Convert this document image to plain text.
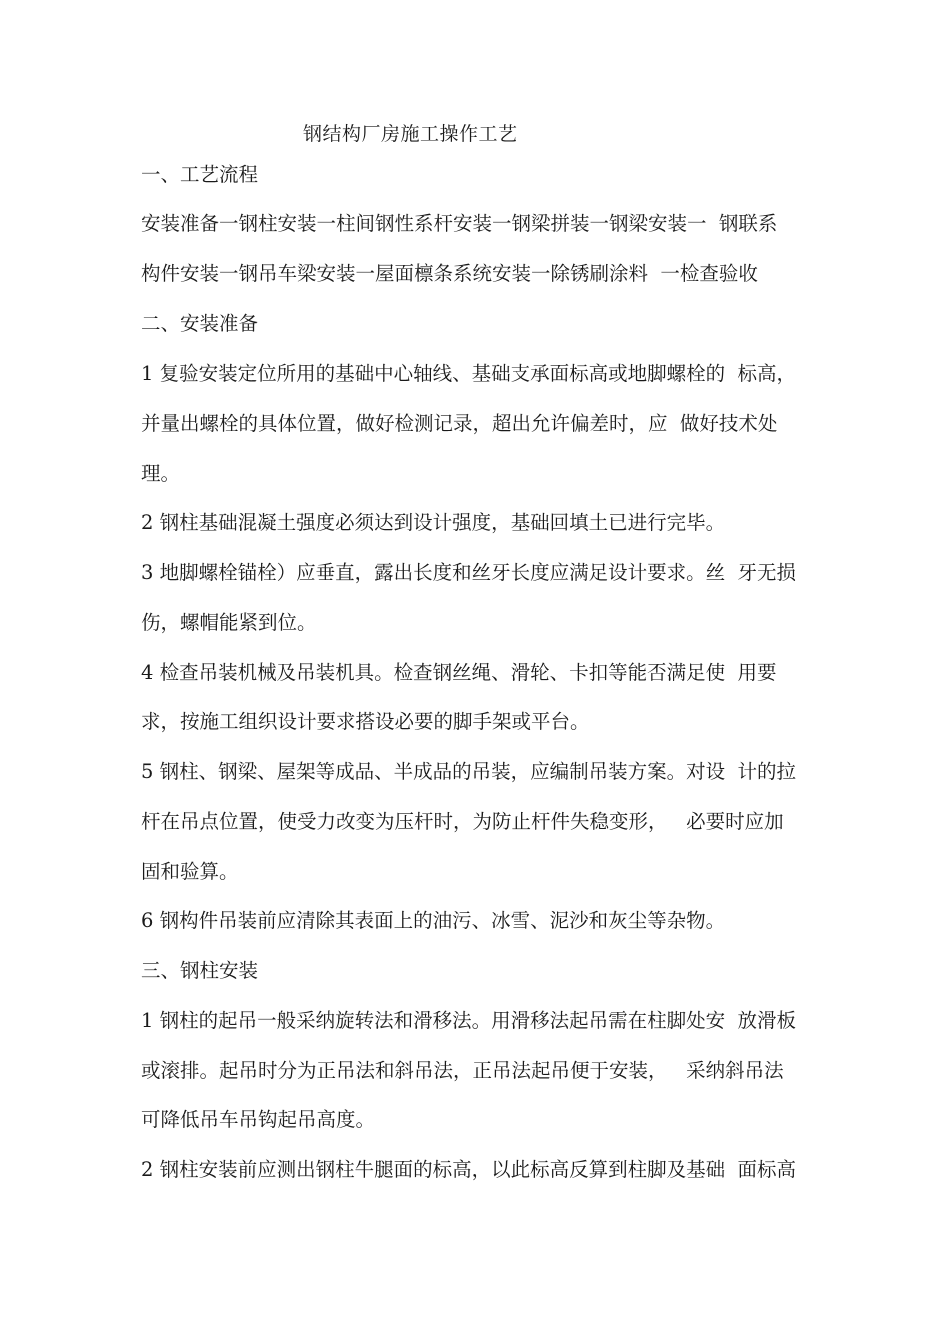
钢结构厂房施工操作工艺
一、工艺流程
安装准备一钢柱安装一柱间钢性系杆安装一钢梁拼装一钢梁安装一  钢联系
构件安装一钢吊车梁安装一屋面檩条系统安装一除锈刷涂料  一检查验收
二、安装准备
1 复验安装定位所用的基础中心轴线、基础支承面标高或地脚螺栓的  标高，
并量出螺栓的具体位置，做好检测记录，超出允许偏差时，应  做好技术处
理。
2 钢柱基础混凝土强度必须达到设计强度，基础回填土已进行完毕。
3 地脚螺栓锚栓）应垂直，露出长度和丝牙长度应满足设计要求。丝  牙无损
伤，螺帽能紧到位。
4 检查吊装机械及吊装机具。检查钢丝绳、滑轮、卡扣等能否满足使  用要
求，按施工组织设计要求搭设必要的脚手架或平台。
5 钢柱、钢梁、屋架等成品、半成品的吊装，应编制吊装方案。对设  计的拉
杆在吊点位置，使受力改变为压杆时，为防止杆件失稳变形，   必要时应加
固和验算。
6 钢构件吊装前应清除其表面上的油污、冰雪、泥沙和灰尘等杂物。
三、钢柱安装
1 钢柱的起吊一般采纳旋转法和滑移法。用滑移法起吊需在柱脚处安  放滑板
或滚排。起吊时分为正吊法和斜吊法，正吊法起吊便于安装，   采纳斜吊法
可降低吊车吊钩起吊高度。
2 钢柱安装前应测出钢柱牛腿面的标高，以此标高反算到柱脚及基础  面标高
